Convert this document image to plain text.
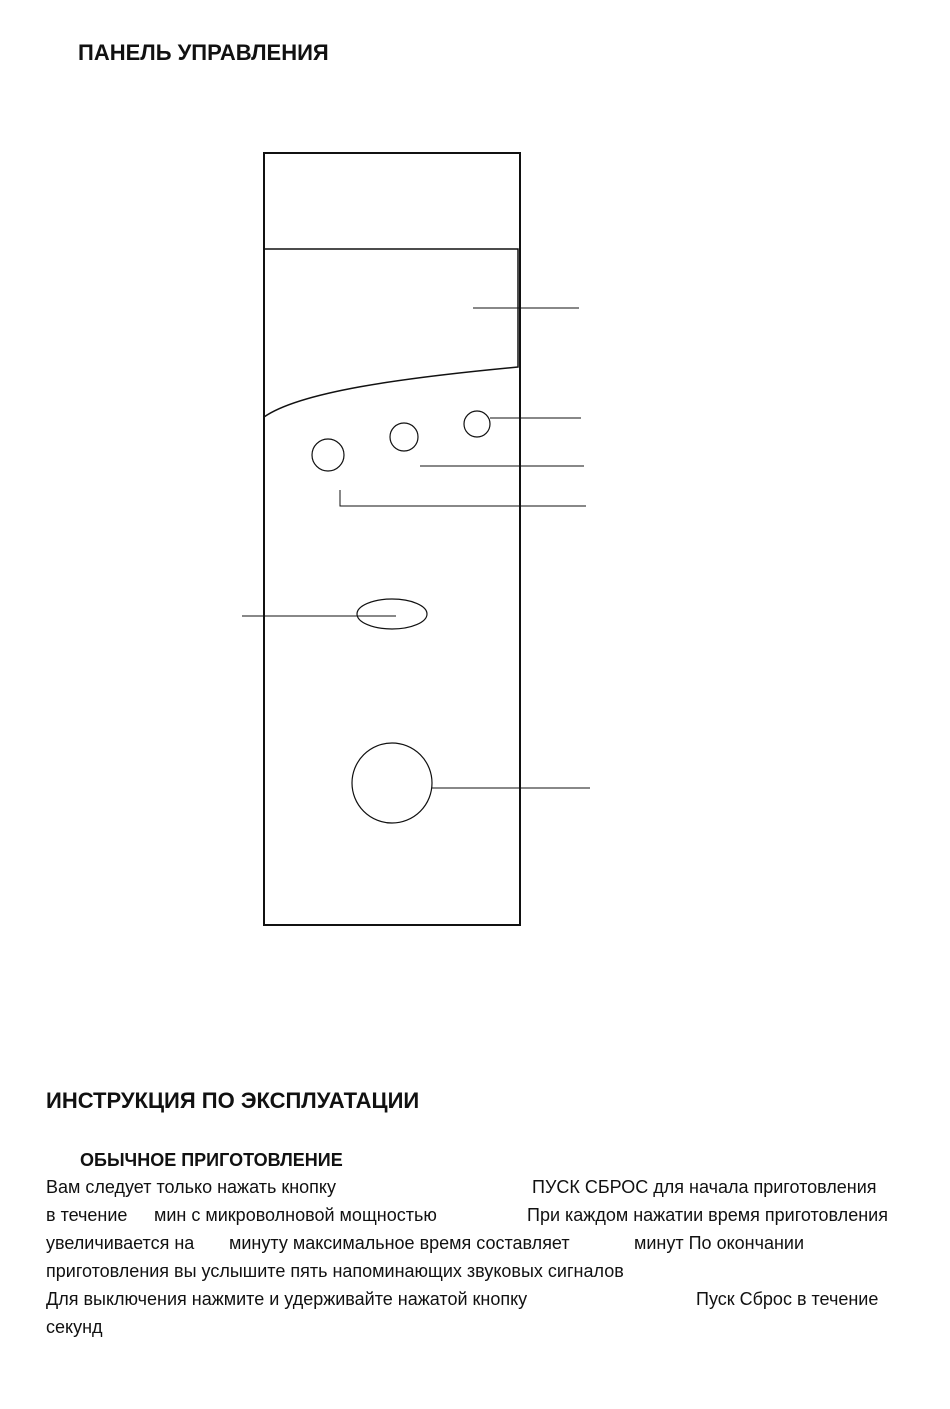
ПАНЕЛЬ УПРАВЛЕНИЯ
ИНСТРУКЦИЯ ПО ЭКСПЛУАТАЦИИ
ОБЫЧНОЕ ПРИГОТОВЛЕНИЕ
Вам следует только нажать кнопку	ПУСК СБРОС для начала приготовления
в течение мин с микроволновой мощностью	При каждом нажатии время приготовления
увеличивается на минуту максимальное время составляет	минут По окончании
приготовления вы услышите пять напоминающих звуковых сигналов
Для выключения нажмите и удерживайте нажатой кнопку	Пуск Сброс в течение
секунд
